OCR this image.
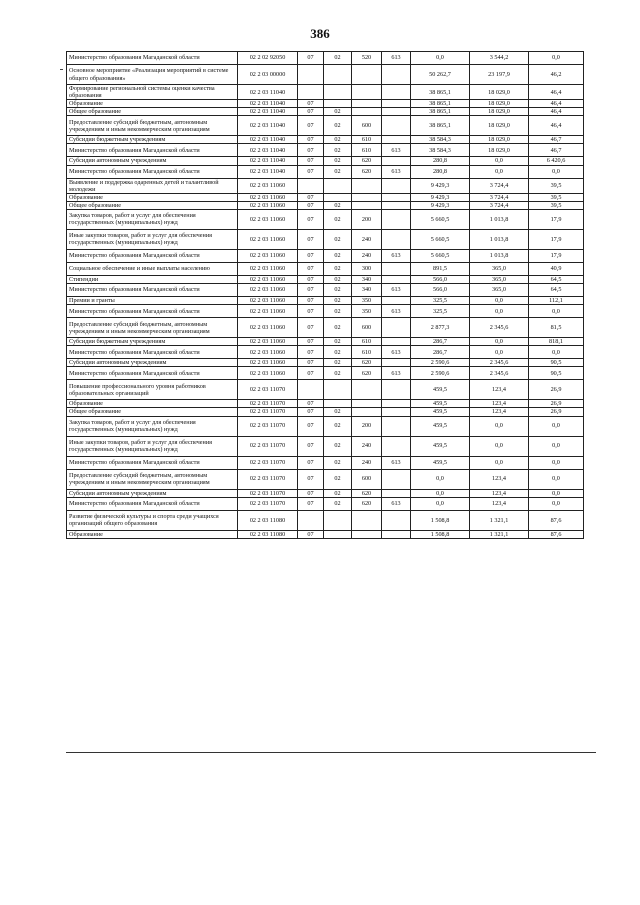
386
Министерство образования Магаданской области	02 2 02 92050	07	02	520	613	0,0	3 544,2	0,0
Основное мероприятие «Реализация мероприятий в системе общего образования»	02 2 03 00000					50 262,7	23 197,9	46,2
Формирование региональной системы оценки качества образования	02 2 03 11040					38 865,1	18 029,0	46,4
Образование	02 2 03 11040	07				38 865,1	18 029,0	46,4
Общее образование	02 2 03 11040	07	02			38 865,1	18 029,0	46,4
Предоставление субсидий бюджетным, автономным учреждениям и иным некоммерческим организациям	02 2 03 11040	07	02	600		38 865,1	18 029,0	46,4
Субсидии бюджетным учреждениям	02 2 03 11040	07	02	610		38 584,3	18 029,0	46,7
Министерство образования Магаданской области	02 2 03 11040	07	02	610	613	38 584,3	18 029,0	46,7
Субсидии автономным учреждениям	02 2 03 11040	07	02	620		280,8	0,0	6 420,6
Министерство образования Магаданской области	02 2 03 11040	07	02	620	613	280,8	0,0	0,0
Выявление и поддержка одаренных детей и талантливой молодежи	02 2 03 11060					9 429,3	3 724,4	39,5
Образование	02 2 03 11060	07				9 429,3	3 724,4	39,5
Общее образование	02 2 03 11060	07	02			9 429,3	3 724,4	39,5
Закупка товаров, работ и услуг для обеспечения государственных (муниципальных) нужд	02 2 03 11060	07	02	200		5 660,5	1 013,8	17,9
Иные закупки товаров, работ и услуг для обеспечения государственных (муниципальных) нужд	02 2 03 11060	07	02	240		5 660,5	1 013,8	17,9
Министерство образования Магаданской области	02 2 03 11060	07	02	240	613	5 660,5	1 013,8	17,9
Социальное обеспечение и иные выплаты населению	02 2 03 11060	07	02	300		891,5	365,0	40,9
Стипендии	02 2 03 11060	07	02	340		566,0	365,0	64,5
Министерство образования Магаданской области	02 2 03 11060	07	02	340	613	566,0	365,0	64,5
Премии и гранты	02 2 03 11060	07	02	350		325,5	0,0	112,1
Министерство образования Магаданской области	02 2 03 11060	07	02	350	613	325,5	0,0	0,0
Предоставление субсидий бюджетным, автономным учреждениям и иным некоммерческим организациям	02 2 03 11060	07	02	600		2 877,3	2 345,6	81,5
Субсидии бюджетным учреждениям	02 2 03 11060	07	02	610		286,7	0,0	818,1
Министерство образования Магаданской области	02 2 03 11060	07	02	610	613	286,7	0,0	0,0
Субсидии автономным учреждениям	02 2 03 11060	07	02	620		2 590,6	2 345,6	90,5
Министерство образования Магаданской области	02 2 03 11060	07	02	620	613	2 590,6	2 345,6	90,5
Повышение профессионального уровня работников образовательных организаций	02 2 03 11070					459,5	123,4	26,9
Образование	02 2 03 11070	07				459,5	123,4	26,9
Общее образование	02 2 03 11070	07	02			459,5	123,4	26,9
Закупка товаров, работ и услуг для обеспечения государственных (муниципальных) нужд	02 2 03 11070	07	02	200		459,5	0,0	0,0
Иные закупки товаров, работ и услуг для обеспечения государственных (муниципальных) нужд	02 2 03 11070	07	02	240		459,5	0,0	0,0
Министерство образования Магаданской области	02 2 03 11070	07	02	240	613	459,5	0,0	0,0
Предоставление субсидий бюджетным, автономным учреждениям и иным некоммерческим организациям	02 2 03 11070	07	02	600		0,0	123,4	0,0
Субсидии автономным учреждениям	02 2 03 11070	07	02	620		0,0	123,4	0,0
Министерство образования Магаданской области	02 2 03 11070	07	02	620	613	0,0	123,4	0,0
Развитие физической культуры и спорта среди учащихся организаций общего образования	02 2 03 11080					1 508,8	1 321,1	87,6
Образование	02 2 03 11080	07				1 508,8	1 321,1	87,6
